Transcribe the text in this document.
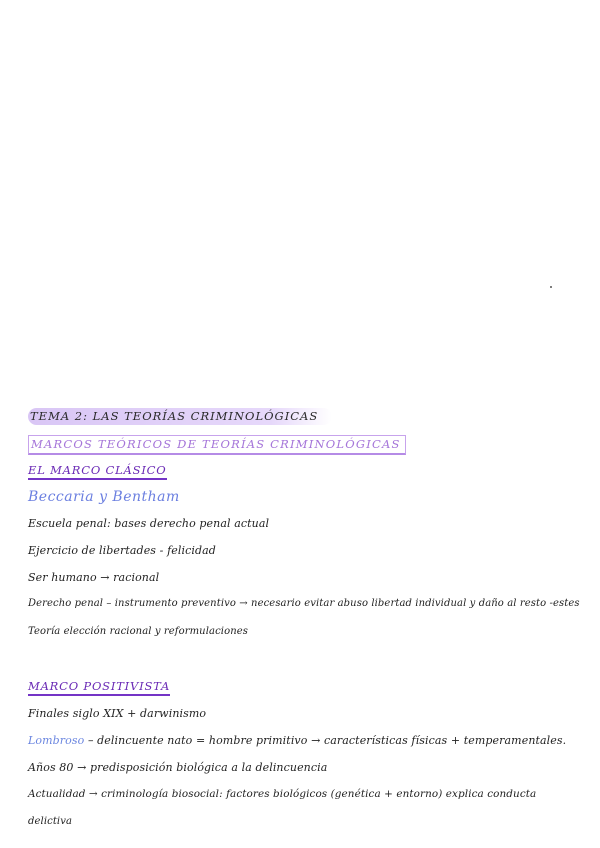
TEMA 2: LAS TEORÍAS CRIMINOLÓGICAS
MARCOS TEÓRICOS DE TEORÍAS CRIMINOLÓGICAS
EL MARCO CLÁSICO
Beccaria y Bentham
Escuela penal: bases derecho penal actual
Ejercicio de libertades - felicidad
Ser humano → racional
Derecho penal – instrumento preventivo → necesario evitar abuso libertad individual y daño al resto -estes
Teoría elección racional y reformulaciones
MARCO POSITIVISTA
Finales siglo XIX + darwinismo
Lombroso – delincuente nato = hombre primitivo → características físicas + temperamentales.
Años 80 → predisposición biológica a la delincuencia
Actualidad → criminología biosocial: factores biológicos (genética + entorno) explica conducta
delictiva
